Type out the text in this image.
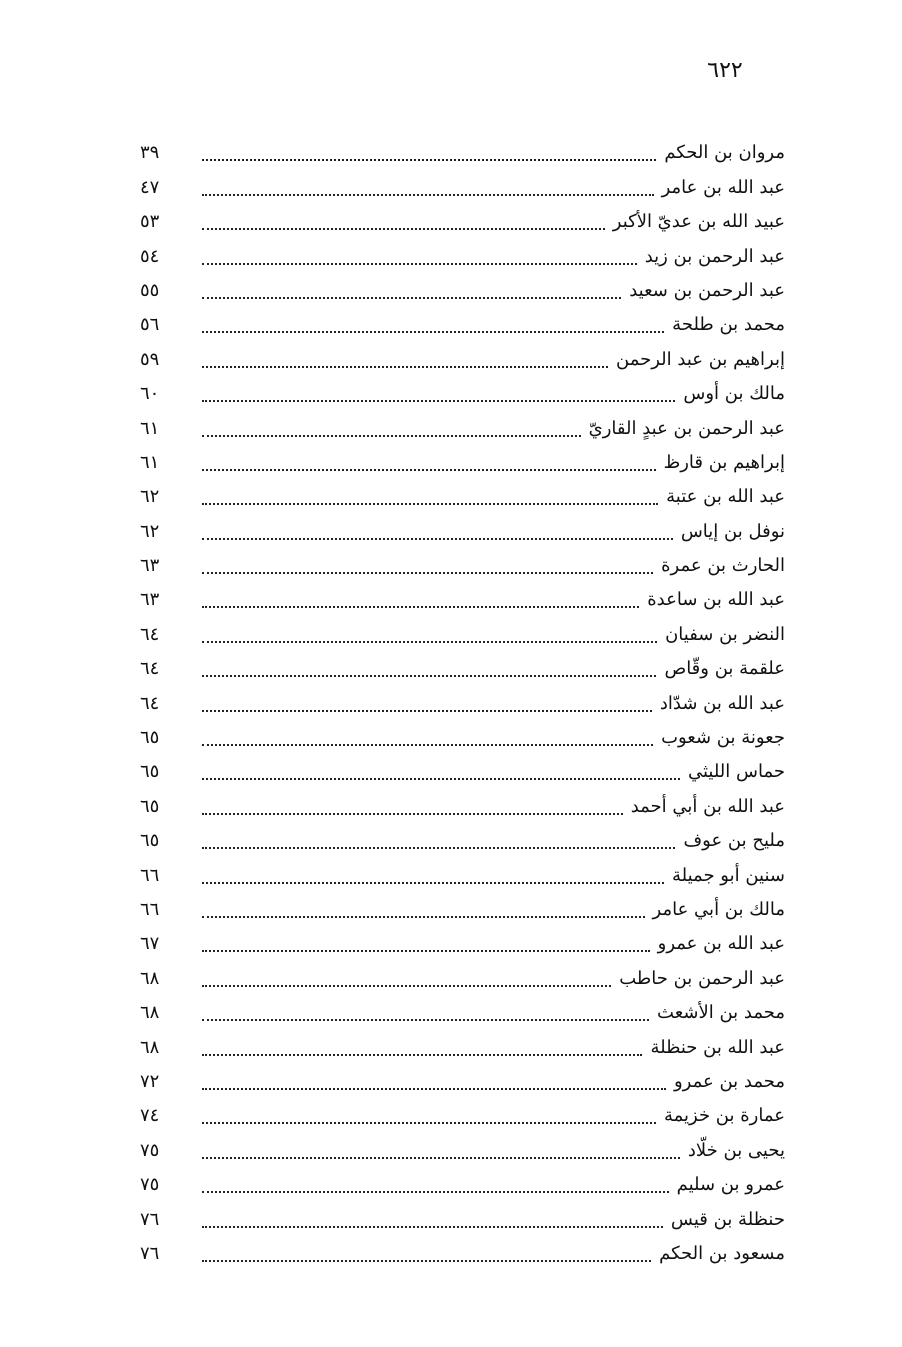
٦٢٢
مروان بن الحكم
٣٩
عبد الله بن عامر
٤٧
عبيد الله بن عديّ الأكبر
٥٣
عبد الرحمن بن زيد
٥٤
عبد الرحمن بن سعيد
٥٥
محمد بن طلحة
٥٦
إبراهيم بن عبد الرحمن
٥٩
مالك بن أوس
٦٠
عبد الرحمن بن عبدٍ القاريّ
٦١
إبراهيم بن قارظ
٦١
عبد الله بن عتبة
٦٢
نوفل بن إياس
٦٢
الحارث بن عمرة
٦٣
عبد الله بن ساعدة
٦٣
النضر بن سفيان
٦٤
علقمة بن وقّاص
٦٤
عبد الله بن شدّاد
٦٤
جعونة بن شعوب
٦٥
حماس الليثي
٦٥
عبد الله بن أبي أحمد
٦٥
مليح بن عوف
٦٥
سنين أبو جميلة
٦٦
مالك بن أبي عامر
٦٦
عبد الله بن عمرو
٦٧
عبد الرحمن بن حاطب
٦٨
محمد بن الأشعث
٦٨
عبد الله بن حنظلة
٦٨
محمد بن عمرو
٧٢
عمارة بن خزيمة
٧٤
يحيى بن خلّاد
٧٥
عمرو بن سليم
٧٥
حنظلة بن قيس
٧٦
مسعود بن الحكم
٧٦
